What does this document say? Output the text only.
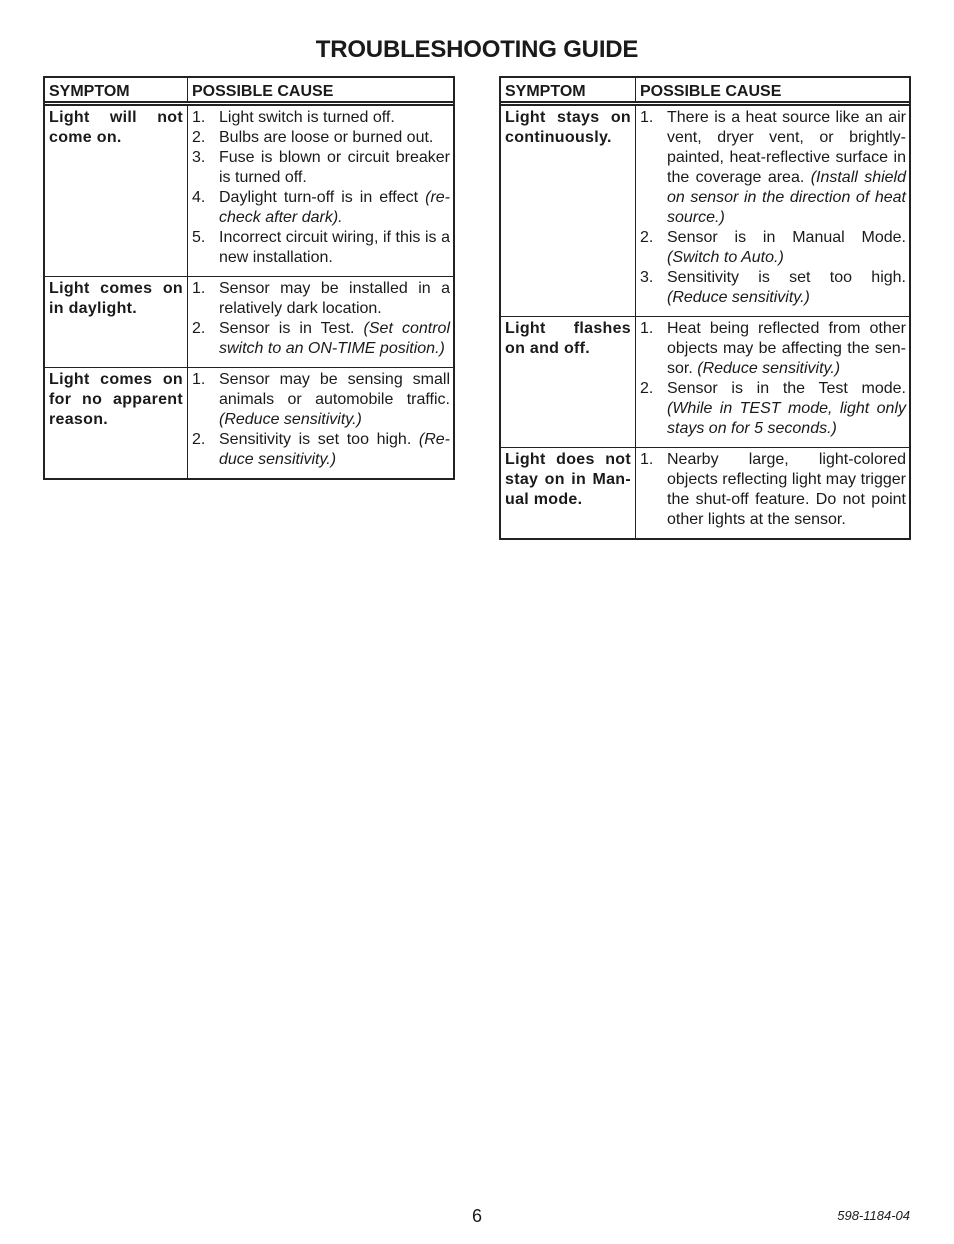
TROUBLESHOOTING GUIDE
SYMPTOM	POSSIBLE CAUSE
Light will not come on.
1. Light switch is turned off.
2. Bulbs are loose or burned out.
3. Fuse is blown or circuit breaker is turned off.
4. Daylight turn-off is in effect (re-check after dark).
5. Incorrect circuit wiring, if this is a new installation.
Light comes on in daylight.
1. Sensor may be installed in a relatively dark location.
2. Sensor is in Test. (Set control switch to an ON-TIME position.)
Light comes on for no apparent reason.
1. Sensor may be sensing small animals or automobile traffic. (Reduce sensitivity.)
2. Sensitivity is set too high. (Re-duce sensitivity.)
SYMPTOM	POSSIBLE CAUSE
Light stays on continuously.
1. There is a heat source like an air vent, dryer vent, or brightly-painted, heat-reflective surface in the coverage area. (Install shield on sensor in the direction of heat source.)
2. Sensor is in Manual Mode. (Switch to Auto.)
3. Sensitivity is set too high. (Reduce sensitivity.)
Light flashes on and off.
1. Heat being reflected from other objects may be affecting the sen-sor. (Reduce sensitivity.)
2. Sensor is in the Test mode. (While in TEST mode, light only stays on for 5 seconds.)
Light does not stay on in Man-ual mode.
1. Nearby large, light-colored objects reflecting light may trigger the shut-off feature. Do not point other lights at the sensor.
6	598-1184-04
